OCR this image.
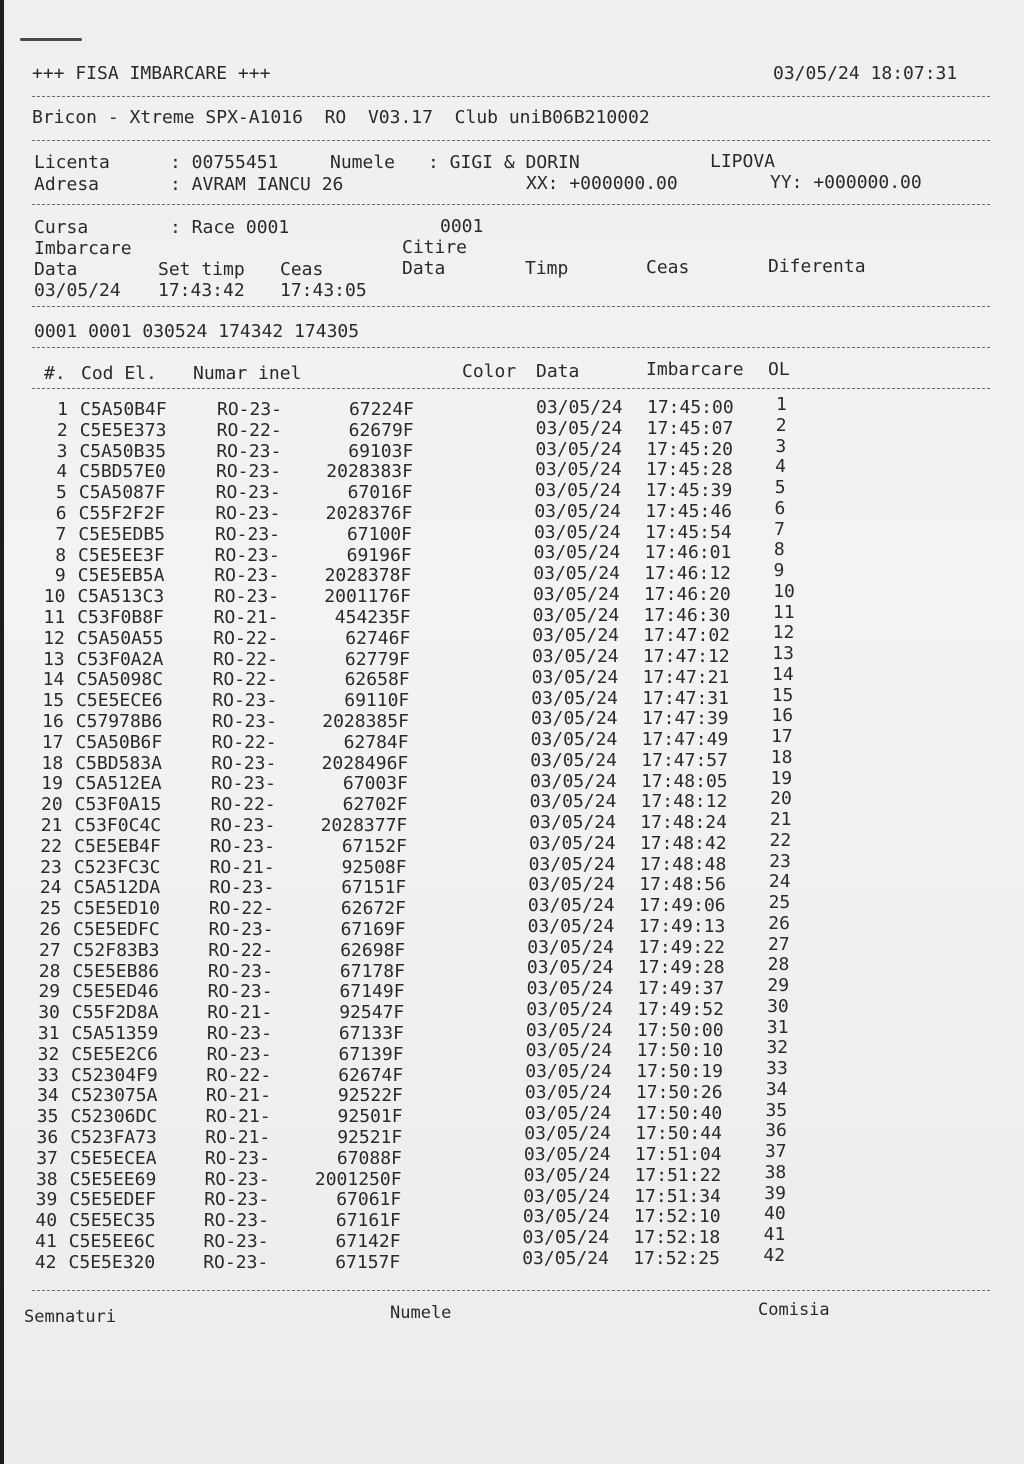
+++ FISA IMBARCARE +++	03/05/24 18:07:31
Bricon - Xtreme SPX-A1016  RO  V03.17  Club uniB06B210002
Licenta	: 00755451	Numele : GIGI & DORIN	LIPOVA
Adresa	: AVRAM IANCU 26	XX: +000000.00	YY: +000000.00
Cursa	: Race 0001	0001
Imbarcare	Citire
Data	Set timp Ceas	Data	Timp	Ceas	Diferenta
03/05/24 17:43:42 17:43:05
0001 0001 030524 174342 174305
#. Cod El. Numar inel	Color Data	Imbarcare OL
1 C5A50B4F	RO-23-	67224F	03/05/24	17:45:00	1
2 C5E5E373	RO-22-	62679F	03/05/24	17:45:07	2
3 C5A50B35	RO-23-	69103F	03/05/24	17:45:20	3
4 C5BD57E0	RO-23-	2028383F	03/05/24	17:45:28	4
5 C5A5087F	RO-23-	67016F	03/05/24	17:45:39	5
6 C55F2F2F	RO-23-	2028376F	03/05/24	17:45:46	6
7 C5E5EDB5	RO-23-	67100F	03/05/24	17:45:54	7
8 C5E5EE3F	RO-23-	69196F	03/05/24	17:46:01	8
9 C5E5EB5A	RO-23-	2028378F	03/05/24	17:46:12	9
10 C5A513C3	RO-23-	2001176F	03/05/24	17:46:20	10
11 C53F0B8F	RO-21-	454235F	03/05/24	17:46:30	11
12 C5A50A55	RO-22-	62746F	03/05/24	17:47:02	12
13 C53F0A2A	RO-22-	62779F	03/05/24	17:47:12	13
14 C5A5098C	RO-22-	62658F	03/05/24	17:47:21	14
15 C5E5ECE6	RO-23-	69110F	03/05/24	17:47:31	15
16 C57978B6	RO-23-	2028385F	03/05/24	17:47:39	16
17 C5A50B6F	RO-22-	62784F	03/05/24	17:47:49	17
18 C5BD583A	RO-23-	2028496F	03/05/24	17:47:57	18
19 C5A512EA	RO-23-	67003F	03/05/24	17:48:05	19
20 C53F0A15	RO-22-	62702F	03/05/24	17:48:12	20
21 C53F0C4C	RO-23-	2028377F	03/05/24	17:48:24	21
22 C5E5EB4F	RO-23-	67152F	03/05/24	17:48:42	22
23 C523FC3C	RO-21-	92508F	03/05/24	17:48:48	23
24 C5A512DA	RO-23-	67151F	03/05/24	17:48:56	24
25 C5E5ED10	RO-22-	62672F	03/05/24	17:49:06	25
26 C5E5EDFC	RO-23-	67169F	03/05/24	17:49:13	26
27 C52F83B3	RO-22-	62698F	03/05/24	17:49:22	27
28 C5E5EB86	RO-23-	67178F	03/05/24	17:49:28	28
29 C5E5ED46	RO-23-	67149F	03/05/24	17:49:37	29
30 C55F2D8A	RO-21-	92547F	03/05/24	17:49:52	30
31 C5A51359	RO-23-	67133F	03/05/24	17:50:00	31
32 C5E5E2C6	RO-23-	67139F	03/05/24	17:50:10	32
33 C52304F9	RO-22-	62674F	03/05/24	17:50:19	33
34 C523075A	RO-21-	92522F	03/05/24	17:50:26	34
35 C52306DC	RO-21-	92501F	03/05/24	17:50:40	35
36 C523FA73	RO-21-	92521F	03/05/24	17:50:44	36
37 C5E5ECEA	RO-23-	67088F	03/05/24	17:51:04	37
38 C5E5EE69	RO-23-	2001250F	03/05/24	17:51:22	38
39 C5E5EDEF	RO-23-	67061F	03/05/24	17:51:34	39
40 C5E5EC35	RO-23-	67161F	03/05/24	17:52:10	40
41 C5E5EE6C	RO-23-	67142F	03/05/24	17:52:18	41
42 C5E5E320	RO-23-	67157F	03/05/24	17:52:25	42
Semnaturi	Numele	Comisia
